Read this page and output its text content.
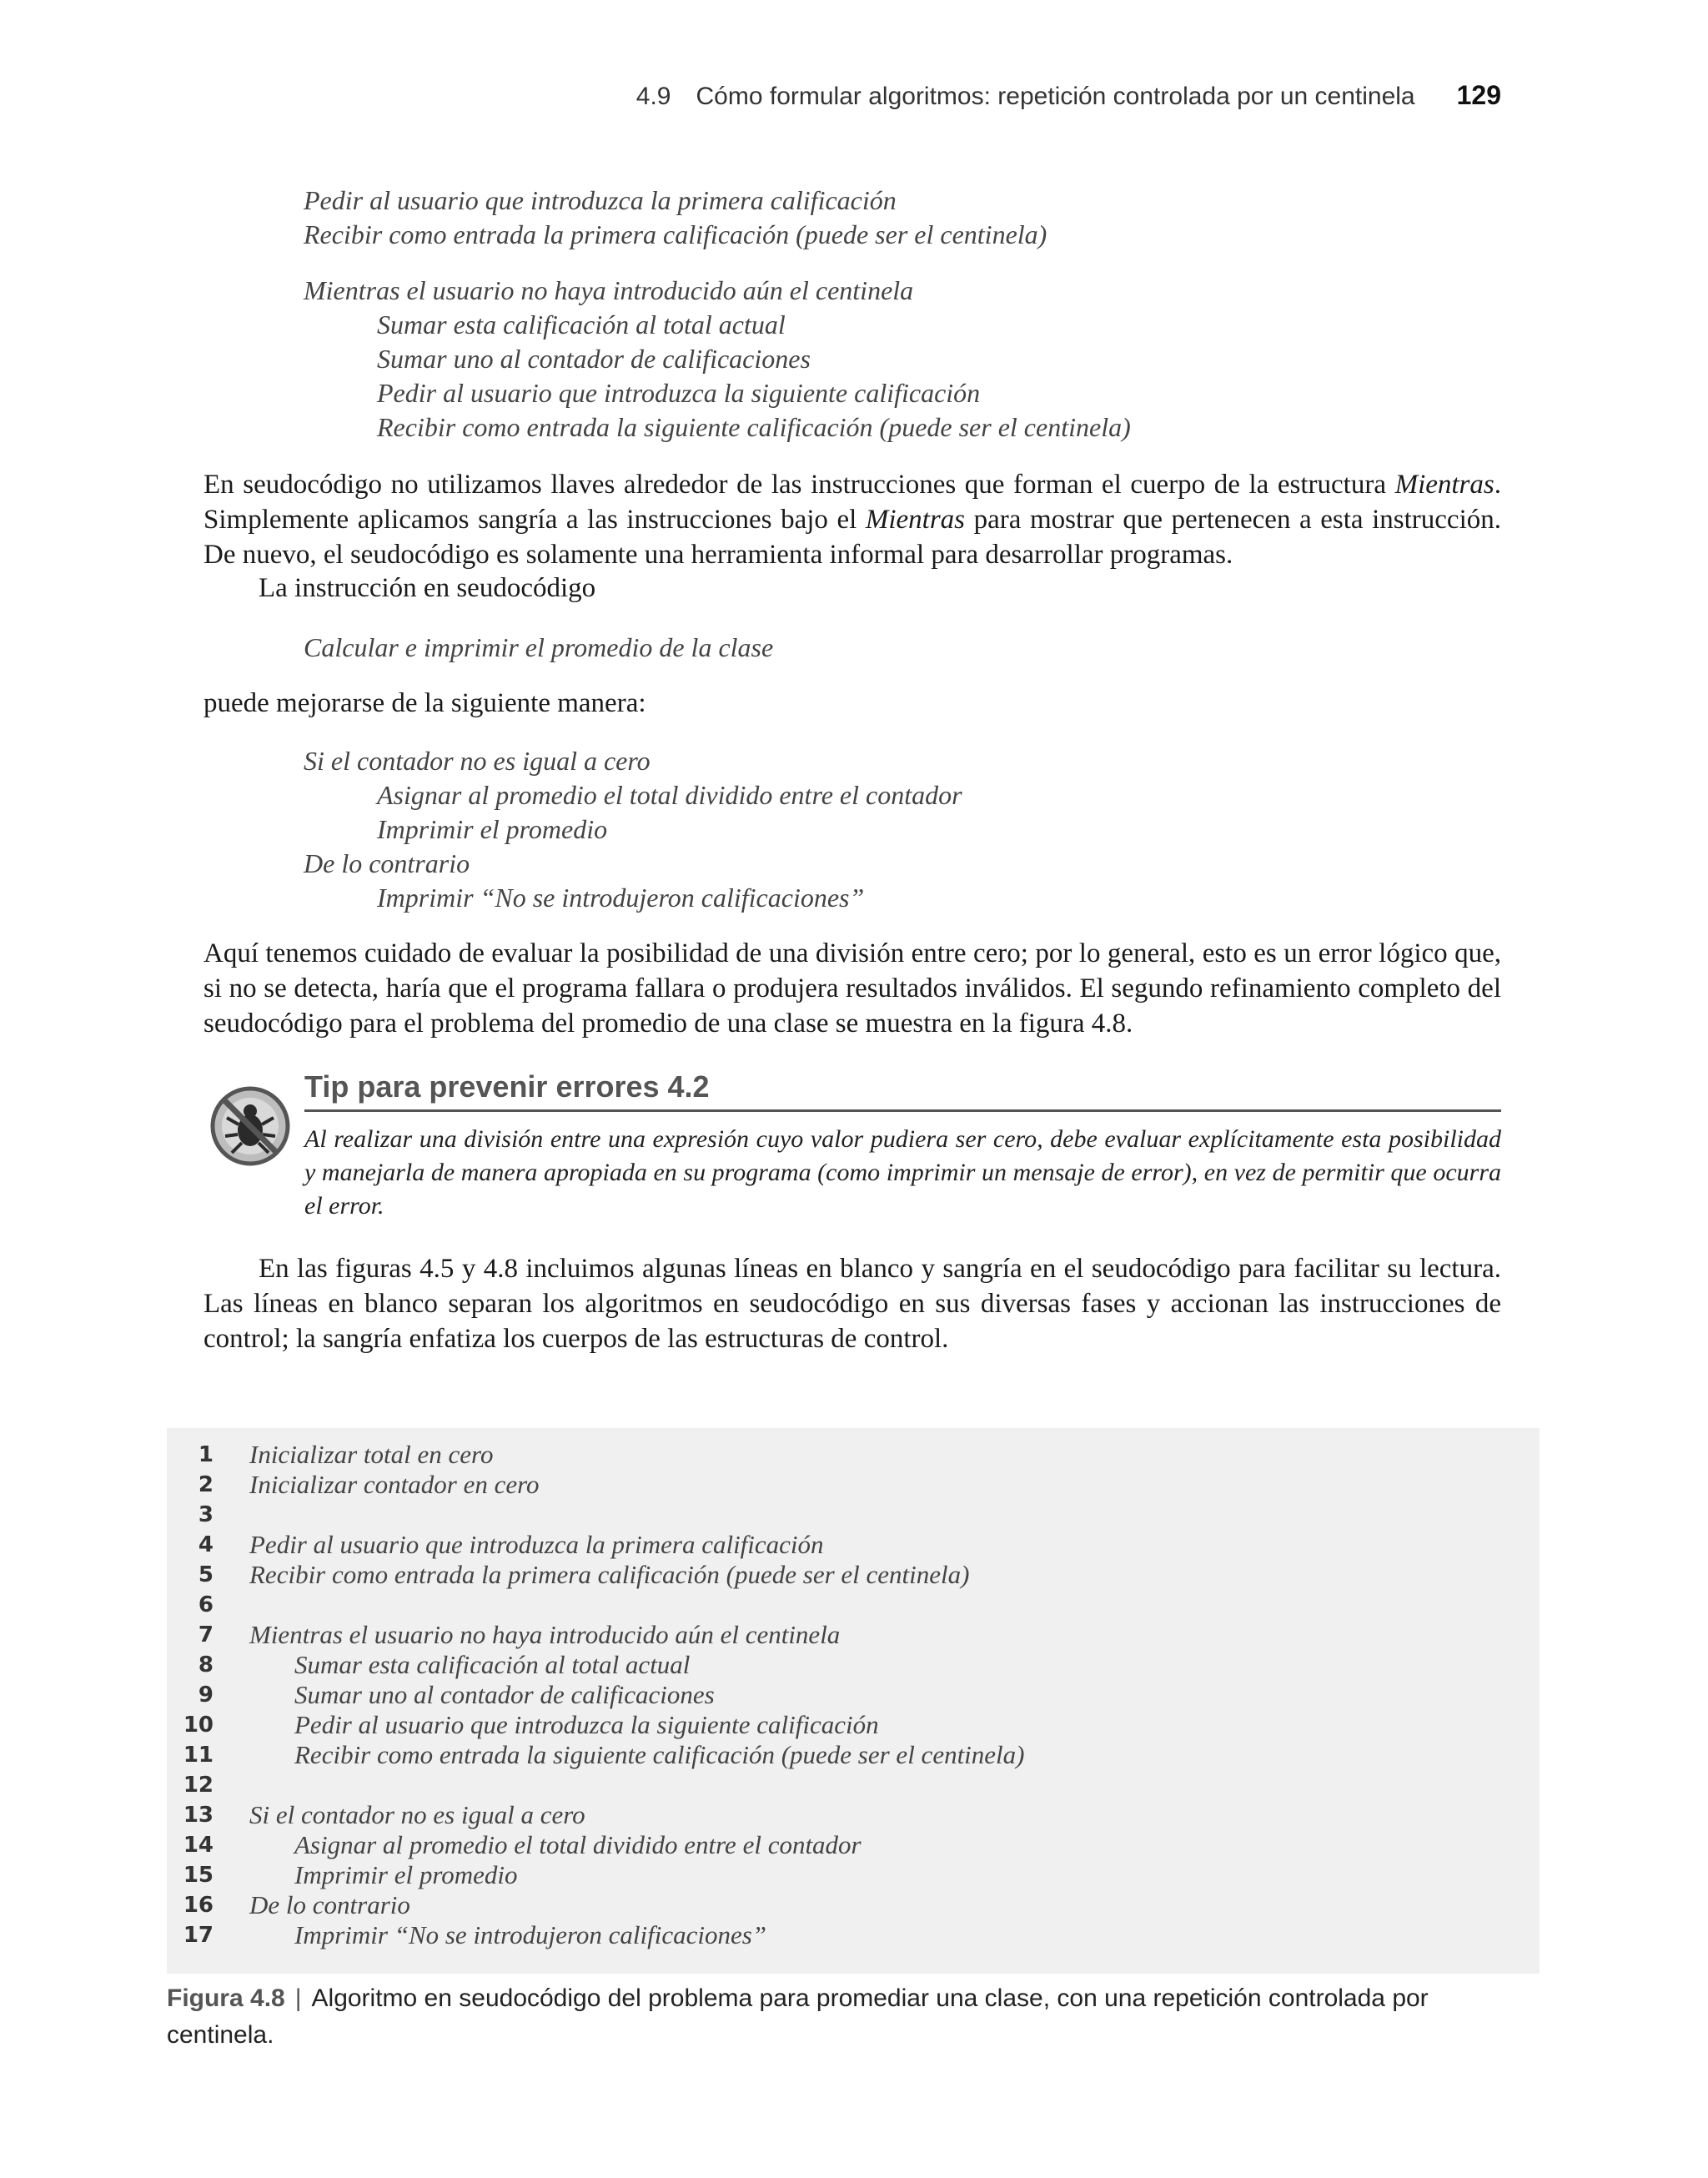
4.9 Cómo formular algoritmos: repetición controlada por un centinela 129
Pedir al usuario que introduzca la primera calificación
Recibir como entrada la primera calificación (puede ser el centinela)
Mientras el usuario no haya introducido aún el centinela
Sumar esta calificación al total actual
Sumar uno al contador de calificaciones
Pedir al usuario que introduzca la siguiente calificación
Recibir como entrada la siguiente calificación (puede ser el centinela)
En seudocódigo no utilizamos llaves alrededor de las instrucciones que forman el cuerpo de la estructura Mientras. Simplemente aplicamos sangría a las instrucciones bajo el Mientras para mostrar que pertenecen a esta instrucción. De nuevo, el seudocódigo es solamente una herramienta informal para desarrollar programas.
La instrucción en seudocódigo
Calcular e imprimir el promedio de la clase
puede mejorarse de la siguiente manera:
Si el contador no es igual a cero
Asignar al promedio el total dividido entre el contador
Imprimir el promedio
De lo contrario
Imprimir “No se introdujeron calificaciones”
Aquí tenemos cuidado de evaluar la posibilidad de una división entre cero; por lo general, esto es un error lógico que, si no se detecta, haría que el programa fallara o produjera resultados inválidos. El segundo refinamiento completo del seudocódigo para el problema del promedio de una clase se muestra en la figura 4.8.
Tip para prevenir errores 4.2
Al realizar una división entre una expresión cuyo valor pudiera ser cero, debe evaluar explícitamente esta posibilidad y manejarla de manera apropiada en su programa (como imprimir un mensaje de error), en vez de permitir que ocurra el error.
En las figuras 4.5 y 4.8 incluimos algunas líneas en blanco y sangría en el seudocódigo para facilitar su lectura. Las líneas en blanco separan los algoritmos en seudocódigo en sus diversas fases y accionan las instrucciones de control; la sangría enfatiza los cuerpos de las estructuras de control.
1 Inicializar total en cero
2 Inicializar contador en cero
3
4 Pedir al usuario que introduzca la primera calificación
5 Recibir como entrada la primera calificación (puede ser el centinela)
6
7 Mientras el usuario no haya introducido aún el centinela
8	Sumar esta calificación al total actual
9	Sumar uno al contador de calificaciones
10	Pedir al usuario que introduzca la siguiente calificación
11	Recibir como entrada la siguiente calificación (puede ser el centinela)
12
13 Si el contador no es igual a cero
14	Asignar al promedio el total dividido entre el contador
15	Imprimir el promedio
16 De lo contrario
17	Imprimir “No se introdujeron calificaciones”
Figura 4.8 | Algoritmo en seudocódigo del problema para promediar una clase, con una repetición controlada por centinela.
